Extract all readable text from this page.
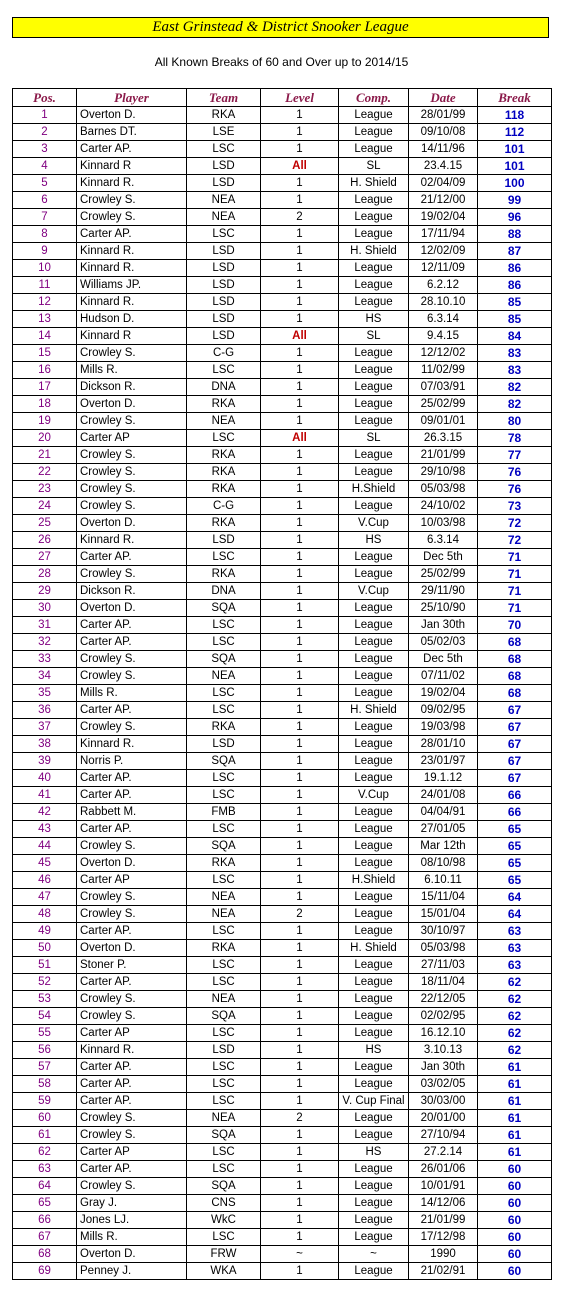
East Grinstead & District Snooker League
All Known Breaks of 60 and Over up to 2014/15
Pos.	Player	Team	Level	Comp.	Date	Break
1	Overton D.	RKA	1	League	28/01/99	118
2	Barnes DT.	LSE	1	League	09/10/08	112
3	Carter AP.	LSC	1	League	14/11/96	101
4	Kinnard R	LSD	All	SL	23.4.15	101
5	Kinnard R.	LSD	1	H. Shield	02/04/09	100
6	Crowley S.	NEA	1	League	21/12/00	99
7	Crowley S.	NEA	2	League	19/02/04	96
8	Carter AP.	LSC	1	League	17/11/94	88
9	Kinnard R.	LSD	1	H. Shield	12/02/09	87
10	Kinnard R.	LSD	1	League	12/11/09	86
11	Williams JP.	LSD	1	League	6.2.12	86
12	Kinnard R.	LSD	1	League	28.10.10	85
13	Hudson D.	LSD	1	HS	6.3.14	85
14	Kinnard R	LSD	All	SL	9.4.15	84
15	Crowley S.	C-G	1	League	12/12/02	83
16	Mills R.	LSC	1	League	11/02/99	83
17	Dickson R.	DNA	1	League	07/03/91	82
18	Overton D.	RKA	1	League	25/02/99	82
19	Crowley S.	NEA	1	League	09/01/01	80
20	Carter AP	LSC	All	SL	26.3.15	78
21	Crowley S.	RKA	1	League	21/01/99	77
22	Crowley S.	RKA	1	League	29/10/98	76
23	Crowley S.	RKA	1	H.Shield	05/03/98	76
24	Crowley S.	C-G	1	League	24/10/02	73
25	Overton D.	RKA	1	V.Cup	10/03/98	72
26	Kinnard R.	LSD	1	HS	6.3.14	72
27	Carter AP.	LSC	1	League	Dec 5th	71
28	Crowley S.	RKA	1	League	25/02/99	71
29	Dickson R.	DNA	1	V.Cup	29/11/90	71
30	Overton D.	SQA	1	League	25/10/90	71
31	Carter AP.	LSC	1	League	Jan 30th	70
32	Carter AP.	LSC	1	League	05/02/03	68
33	Crowley S.	SQA	1	League	Dec 5th	68
34	Crowley S.	NEA	1	League	07/11/02	68
35	Mills R.	LSC	1	League	19/02/04	68
36	Carter AP.	LSC	1	H. Shield	09/02/95	67
37	Crowley S.	RKA	1	League	19/03/98	67
38	Kinnard R.	LSD	1	League	28/01/10	67
39	Norris P.	SQA	1	League	23/01/97	67
40	Carter AP.	LSC	1	League	19.1.12	67
41	Carter AP.	LSC	1	V.Cup	24/01/08	66
42	Rabbett M.	FMB	1	League	04/04/91	66
43	Carter AP.	LSC	1	League	27/01/05	65
44	Crowley S.	SQA	1	League	Mar 12th	65
45	Overton D.	RKA	1	League	08/10/98	65
46	Carter AP	LSC	1	H.Shield	6.10.11	65
47	Crowley S.	NEA	1	League	15/11/04	64
48	Crowley S.	NEA	2	League	15/01/04	64
49	Carter AP.	LSC	1	League	30/10/97	63
50	Overton D.	RKA	1	H. Shield	05/03/98	63
51	Stoner P.	LSC	1	League	27/11/03	63
52	Carter AP.	LSC	1	League	18/11/04	62
53	Crowley S.	NEA	1	League	22/12/05	62
54	Crowley S.	SQA	1	League	02/02/95	62
55	Carter AP	LSC	1	League	16.12.10	62
56	Kinnard R.	LSD	1	HS	3.10.13	62
57	Carter AP.	LSC	1	League	Jan 30th	61
58	Carter AP.	LSC	1	League	03/02/05	61
59	Carter AP.	LSC	1	V. Cup Final	30/03/00	61
60	Crowley S.	NEA	2	League	20/01/00	61
61	Crowley S.	SQA	1	League	27/10/94	61
62	Carter AP	LSC	1	HS	27.2.14	61
63	Carter AP.	LSC	1	League	26/01/06	60
64	Crowley S.	SQA	1	League	10/01/91	60
65	Gray J.	CNS	1	League	14/12/06	60
66	Jones LJ.	WkC	1	League	21/01/99	60
67	Mills R.	LSC	1	League	17/12/98	60
68	Overton D.	FRW	~	~	1990	60
69	Penney J.	WKA	1	League	21/02/91	60
